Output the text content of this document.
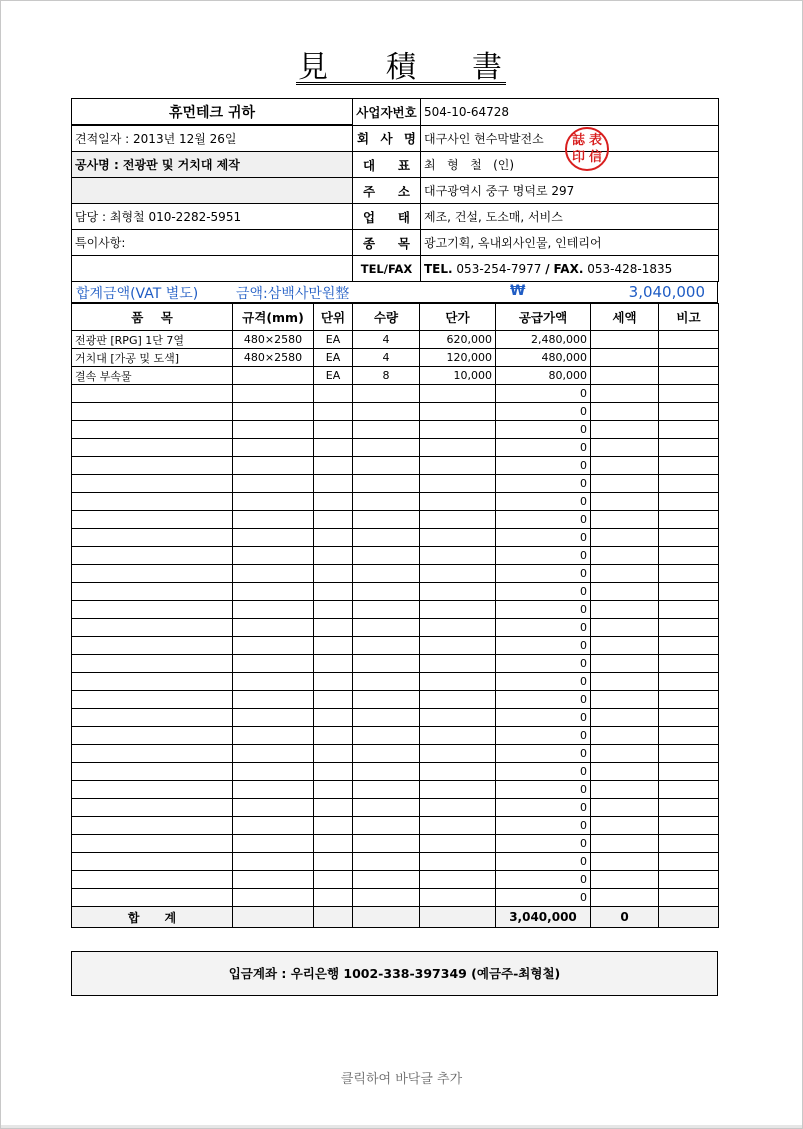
見 積 書
휴먼테크 귀하	사업자번호	504-10-64728
견적일자 : 2013년 12월 26일	회 사 명	대구사인 현수막발전소
공사명 : 전광판 및 거치대 제작	대 표	최   형   철   (인)

	주 소	대구광역시 중구 명덕로 297
담당 : 최형철 010-2282-5951	업 태	제조, 건설, 도소매, 서비스
특이사항:	종 목	광고기획, 옥내외사인물, 인테리어
	TEL/FAX	TEL. 053-254-7977 / FAX. 053-428-1835
誌 表
印 信
합계금액(VAT 별도)	금액:삼백사만원整	₩	3,040,000
품    목	규격(mm)	단위	수량	단가	공급가액	세액	비고
전광판 [RPG] 1단 7열	480×2580	EA	4	620,000	2,480,000		
거치대 [가공 및 도색]	480×2580	EA	4	120,000	480,000		
결속 부속물		EA	8	10,000	80,000		
					0		
					0		
					0		
					0		
					0		
					0		
					0		
					0		
					0		
					0		
					0		
					0		
					0		
					0		
					0		
					0		
					0		
					0		
					0		
					0		
					0		
					0		
					0		
					0		
					0		
					0		
					0		
					0		
					0		
합      계					3,040,000	0	
입금계좌 : 우리은행 1002-338-397349 (예금주-최형철)
클릭하여 바닥글 추가
